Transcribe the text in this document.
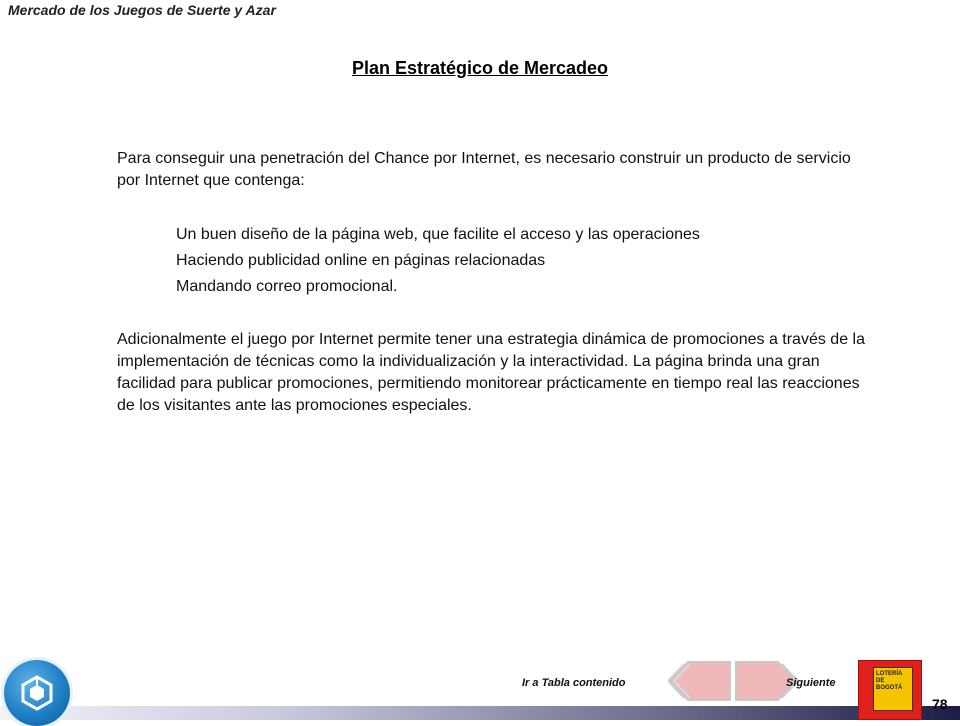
Mercado de los Juegos de Suerte y Azar
Plan Estratégico de Mercadeo
Para conseguir una penetración del Chance por Internet, es necesario construir un producto de servicio por Internet que contenga:
Un buen diseño de la página web, que facilite el acceso y las operaciones
Haciendo publicidad online en páginas relacionadas
Mandando correo promocional.
Adicionalmente el juego por Internet permite tener una estrategia dinámica de promociones a través de la implementación de técnicas como la individualización y la interactividad. La página brinda una gran facilidad para publicar promociones, permitiendo monitorear prácticamente en tiempo real las reacciones de los visitantes ante las promociones especiales.
Ir a Tabla contenido	Siguiente
LOTERÍA DE BOGOTÁ
78
